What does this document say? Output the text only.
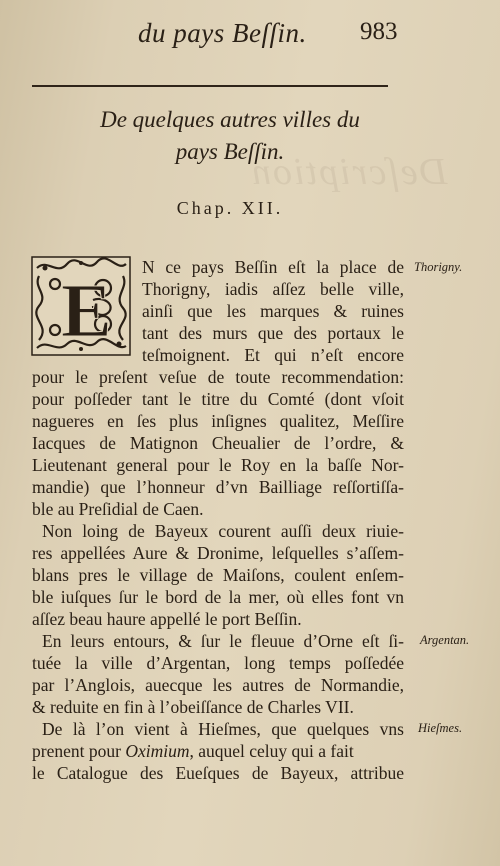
Deſcription
du pays Beſſin. 983
De quelques autres villes du
pays Beſſin.
Chap. XII.
E
N ce pays Beſſin eſt la place de
Thorigny, iadis aſſez belle ville,
ainſi que les marques & ruines
tant des murs que des portaux le
teſmoignent. Et qui n’eſt encore
pour le preſent veſue de toute recommendation:
pour poſſeder tant le titre du Comté (dont vſoit
nagueres en ſes plus inſignes qualitez, Meſſire
Iacques de Matignon Cheualier de l’ordre, &
Lieutenant general pour le Roy en la baſſe Nor-
mandie) que l’honneur d’vn Bailliage reſſortiſſa-
ble au Preſidial de Caen.
Non loing de Bayeux courent auſſi deux riuie-
res appellées Aure & Dronime, leſquelles s’aſſem-
blans pres le village de Maiſons, coulent enſem-
ble iuſques ſur le bord de la mer, où elles font vn
aſſez beau haure appellé le port Beſſin.
En leurs entours, & ſur le fleuue d’Orne eſt ſi-
tuée la ville d’Argentan, long temps poſſedée
par l’Anglois, auecque les autres de Normandie,
& reduite en fin à l’obeiſſance de Charles VII.
De là l’on vient à Hieſmes, que quelques vns
prenent pour Oximium, auquel celuy qui a fait
le Catalogue des Eueſques de Bayeux, attribue
Thorigny.
Argentan.
Hieſmes.
